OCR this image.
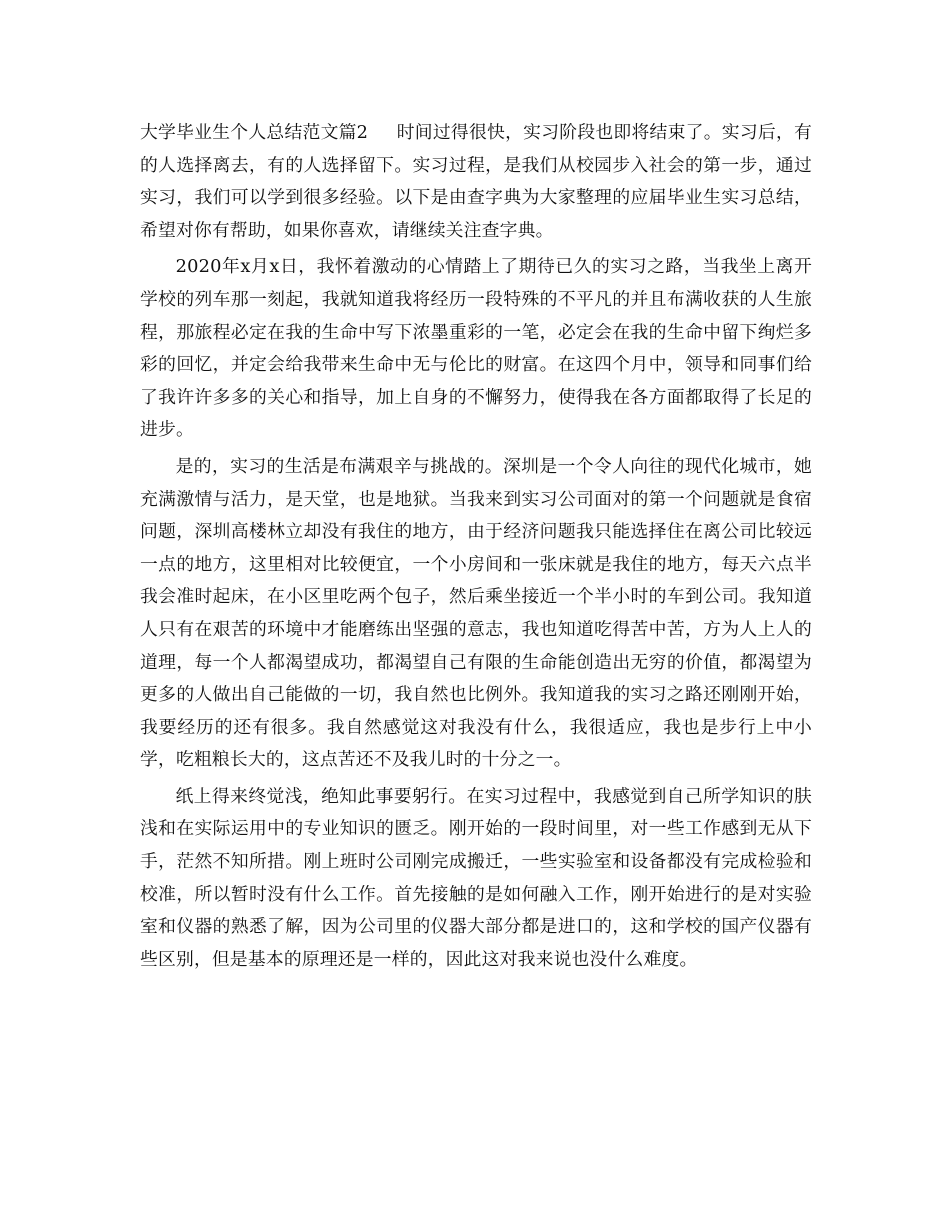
大学毕业生个人总结范文篇2 时间过得很快，实习阶段也即将结束了。实习后，有的人选择离去，有的人选择留下。实习过程，是我们从校园步入社会的第一步，通过实习，我们可以学到很多经验。以下是由查字典为大家整理的应届毕业生实习总结，希望对你有帮助，如果你喜欢，请继续关注查字典。

2020年x月x日，我怀着激动的心情踏上了期待已久的实习之路，当我坐上离开学校的列车那一刻起，我就知道我将经历一段特殊的不平凡的并且布满收获的人生旅程，那旅程必定在我的生命中写下浓墨重彩的一笔，必定会在我的生命中留下绚烂多彩的回忆，并定会给我带来生命中无与伦比的财富。在这四个月中，领导和同事们给了我许许多多的关心和指导，加上自身的不懈努力，使得我在各方面都取得了长足的进步。

是的，实习的生活是布满艰辛与挑战的。深圳是一个令人向往的现代化城市，她充满激情与活力，是天堂，也是地狱。当我来到实习公司面对的第一个问题就是食宿问题，深圳高楼林立却没有我住的地方，由于经济问题我只能选择住在离公司比较远一点的地方，这里相对比较便宜，一个小房间和一张床就是我住的地方，每天六点半我会准时起床，在小区里吃两个包子，然后乘坐接近一个半小时的车到公司。我知道人只有在艰苦的环境中才能磨练出坚强的意志，我也知道吃得苦中苦，方为人上人的道理，每一个人都渴望成功，都渴望自己有限的生命能创造出无穷的价值，都渴望为更多的人做出自己能做的一切，我自然也比例外。我知道我的实习之路还刚刚开始，我要经历的还有很多。我自然感觉这对我没有什么，我很适应，我也是步行上中小学，吃粗粮长大的，这点苦还不及我儿时的十分之一。

纸上得来终觉浅，绝知此事要躬行。在实习过程中，我感觉到自己所学知识的肤浅和在实际运用中的专业知识的匮乏。刚开始的一段时间里，对一些工作感到无从下手，茫然不知所措。刚上班时公司刚完成搬迁，一些实验室和设备都没有完成检验和校准，所以暂时没有什么工作。首先接触的是如何融入工作，刚开始进行的是对实验室和仪器的熟悉了解，因为公司里的仪器大部分都是进口的，这和学校的国产仪器有些区别，但是基本的原理还是一样的，因此这对我来说也没什么难度。
